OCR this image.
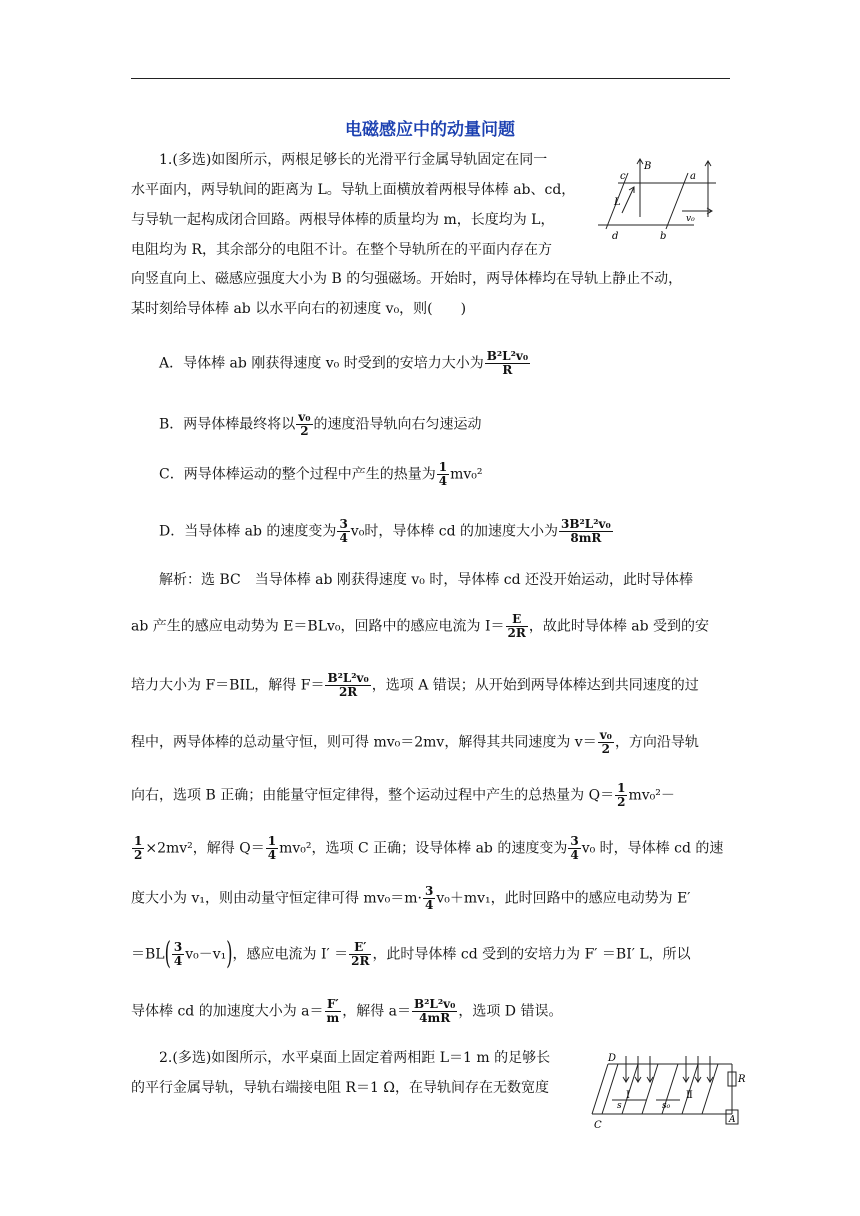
电磁感应中的动量问题
1.(多选)如图所示，两根足够长的光滑平行金属导轨固定在同一
水平面内，两导轨间的距离为 L。导轨上面横放着两根导体棒 ab、cd，
与导轨一起构成闭合回路。两根导体棒的质量均为 m，长度均为 L，
电阻均为 R，其余部分的电阻不计。在整个导轨所在的平面内存在方
向竖直向上、磁感应强度大小为 B 的匀强磁场。开始时，两导体棒均在导轨上静止不动，
某时刻给导体棒 ab 以水平向右的初速度 v₀，则(　　)
B
c	a
L
v₀
d	b
A．导体棒 ab 刚获得速度 v₀ 时受到的安培力大小为 $\frac{\text{B²L²v₀}}{R}$
B．两导体棒最终将以 $\frac{\text{v₀}}{2}$ 的速度沿导轨向右匀速运动
C．两导体棒运动的整个过程中产生的热量为 $\frac{1}{4} mv_0^2$
D．当导体棒 ab 的速度变为 $\frac{3}{4} v_0$时，导体棒 cd 的加速度大小为 $\frac{\text{3B²L²v₀}}{8mR}$
解析：选 BC　当导体棒 ab 刚获得速度 v₀ 时，导体棒 cd 还没开始运动，此时导体棒
ab 产生的感应电动势为 E＝BLv₀，回路中的感应电流为 $I= \frac{E}{2R}$ ，故此时导体棒 ab 受到的安
培力大小为 F＝BIL，解得 $F= \frac{\text{B²L²v₀}}{2R}$ ，选项 A 错误；从开始到两导体棒达到共同速度的过
程中，两导体棒的总动量守恒，则可得 mv₀＝2mv，解得其共同速度为 $v= \frac{\text{v₀}}{2}$ ，方向沿导轨
向右，选项 B 正确；由能量守恒定律得，整个运动过程中产生的总热量为 $Q= \frac{1}{2} mv_0^2-$
$\frac{1}{2} \times 2mv^2$，解得 $Q= \frac{1}{4} mv_0^2$，选项 C 正确；设导体棒 ab 的速度变为 $\frac{3}{4} v_0$ 时，导体棒 cd 的速
度大小为 v₁，则由动量守恒定律可得 $mv_0=m\cdot \frac{3}{4} v_0+mv_1$，此时回路中的感应电动势为 E′
$=BL( \frac{3}{4} v_0-v_1)$，感应电流为 $I' = \frac{E'}{2R}$ ，此时导体棒 cd 受到的安培力为 F′ ＝BI′ L，所以
导体棒 cd 的加速度大小为 $a= \frac{F'}{m}$ ，解得 $a= \frac{\text{B²L²v₀}}{4mR}$ ，选项 D 错误。
2.(多选)如图所示，水平桌面上固定着两相距 L＝1 m 的足够长
的平行金属导轨，导轨右端接电阻 R＝1 Ω，在导轨间存在无数宽度
D
C
R
A
Ⅰ	Ⅱ
s	s₀
